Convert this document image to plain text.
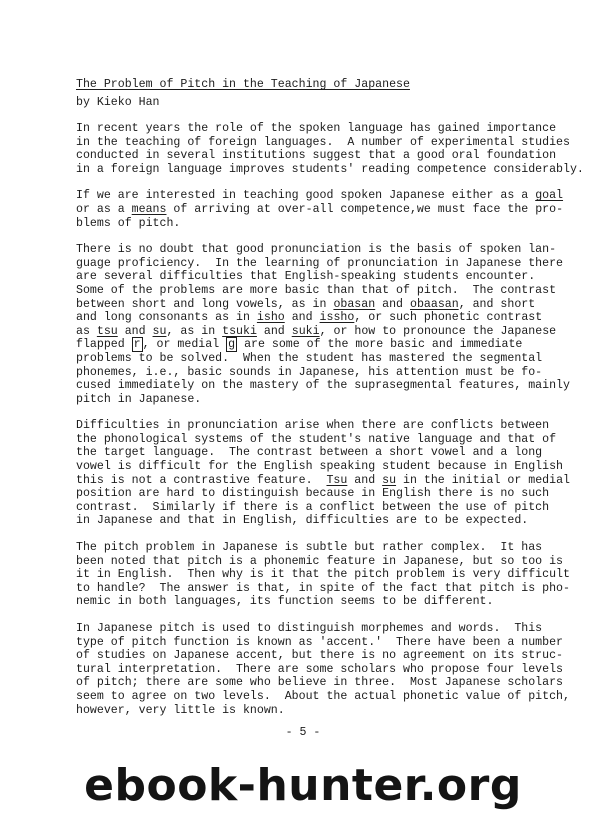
The Problem of Pitch in the Teaching of Japanese
by Kieko Han
In recent years the role of the spoken language has gained importance
in the teaching of foreign languages.  A number of experimental studies
conducted in several institutions suggest that a good oral foundation
in a foreign language improves students' reading competence considerably.
If we are interested in teaching good spoken Japanese either as a goal
or as a means of arriving at over-all competence,we must face the pro-
blems of pitch.
There is no doubt that good pronunciation is the basis of spoken lan-
guage proficiency.  In the learning of pronunciation in Japanese there
are several difficulties that English-speaking students encounter.
Some of the problems are more basic than that of pitch.  The contrast
between short and long vowels, as in obasan and obaasan, and short
and long consonants as in isho and issho, or such phonetic contrast
as tsu and su, as in tsuki and suki, or how to pronounce the Japanese
flapped r , or medial g are some of the more basic and immediate
problems to be solved.  When the student has mastered the segmental
phonemes, i.e., basic sounds in Japanese, his attention must be fo-
cused immediately on the mastery of the suprasegmental features, mainly
pitch in Japanese.
Difficulties in pronunciation arise when there are conflicts between
the phonological systems of the student's native language and that of
the target language.  The contrast between a short vowel and a long
vowel is difficult for the English speaking student because in English
this is not a contrastive feature.  Tsu and su in the initial or medial
position are hard to distinguish because in English there is no such
contrast.  Similarly if there is a conflict between the use of pitch
in Japanese and that in English, difficulties are to be expected.
The pitch problem in Japanese is subtle but rather complex.  It has
been noted that pitch is a phonemic feature in Japanese, but so too is
it in English.  Then why is it that the pitch problem is very difficult
to handle?  The answer is that, in spite of the fact that pitch is pho-
nemic in both languages, its function seems to be different.
In Japanese pitch is used to distinguish morphemes and words.  This
type of pitch function is known as 'accent.'  There have been a number
of studies on Japanese accent, but there is no agreement on its struc-
tural interpretation.  There are some scholars who propose four levels
of pitch; there are some who believe in three.  Most Japanese scholars
seem to agree on two levels.  About the actual phonetic value of pitch,
however, very little is known.
- 5 -
ebook-hunter.org
